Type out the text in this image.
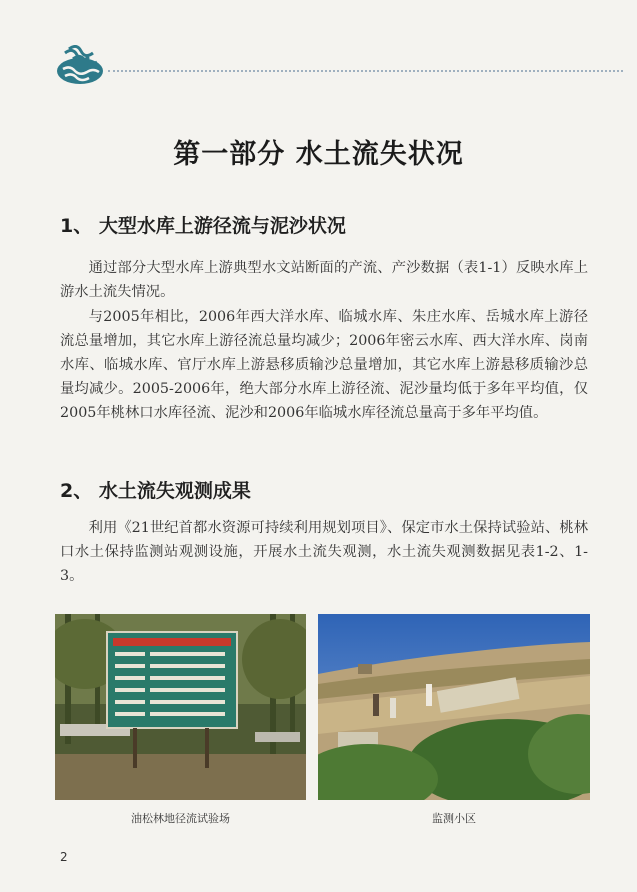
第一部分 水土流失状况
1、 大型水库上游径流与泥沙状况

通过部分大型水库上游典型水文站断面的产流、产沙数据（表1-1）反映水库上游水土流失情况。

与2005年相比，2006年西大洋水库、临城水库、朱庄水库、岳城水库上游径流总量增加，其它水库上游径流总量均减少；2006年密云水库、西大洋水库、岗南水库、临城水库、官厅水库上游悬移质输沙总量增加，其它水库上游悬移质输沙总量均减少。2005-2006年，绝大部分水库上游径流、泥沙量均低于多年平均值，仅2005年桃林口水库径流、泥沙和2006年临城水库径流总量高于多年平均值。

2、 水土流失观测成果

利用《21世纪首都水资源可持续利用规划项目》、保定市水土保持试验站、桃林口水土保持监测站观测设施，开展水土流失观测，水土流失观测数据见表1-2、1-3。

油松林地径流试验场	监测小区
2
